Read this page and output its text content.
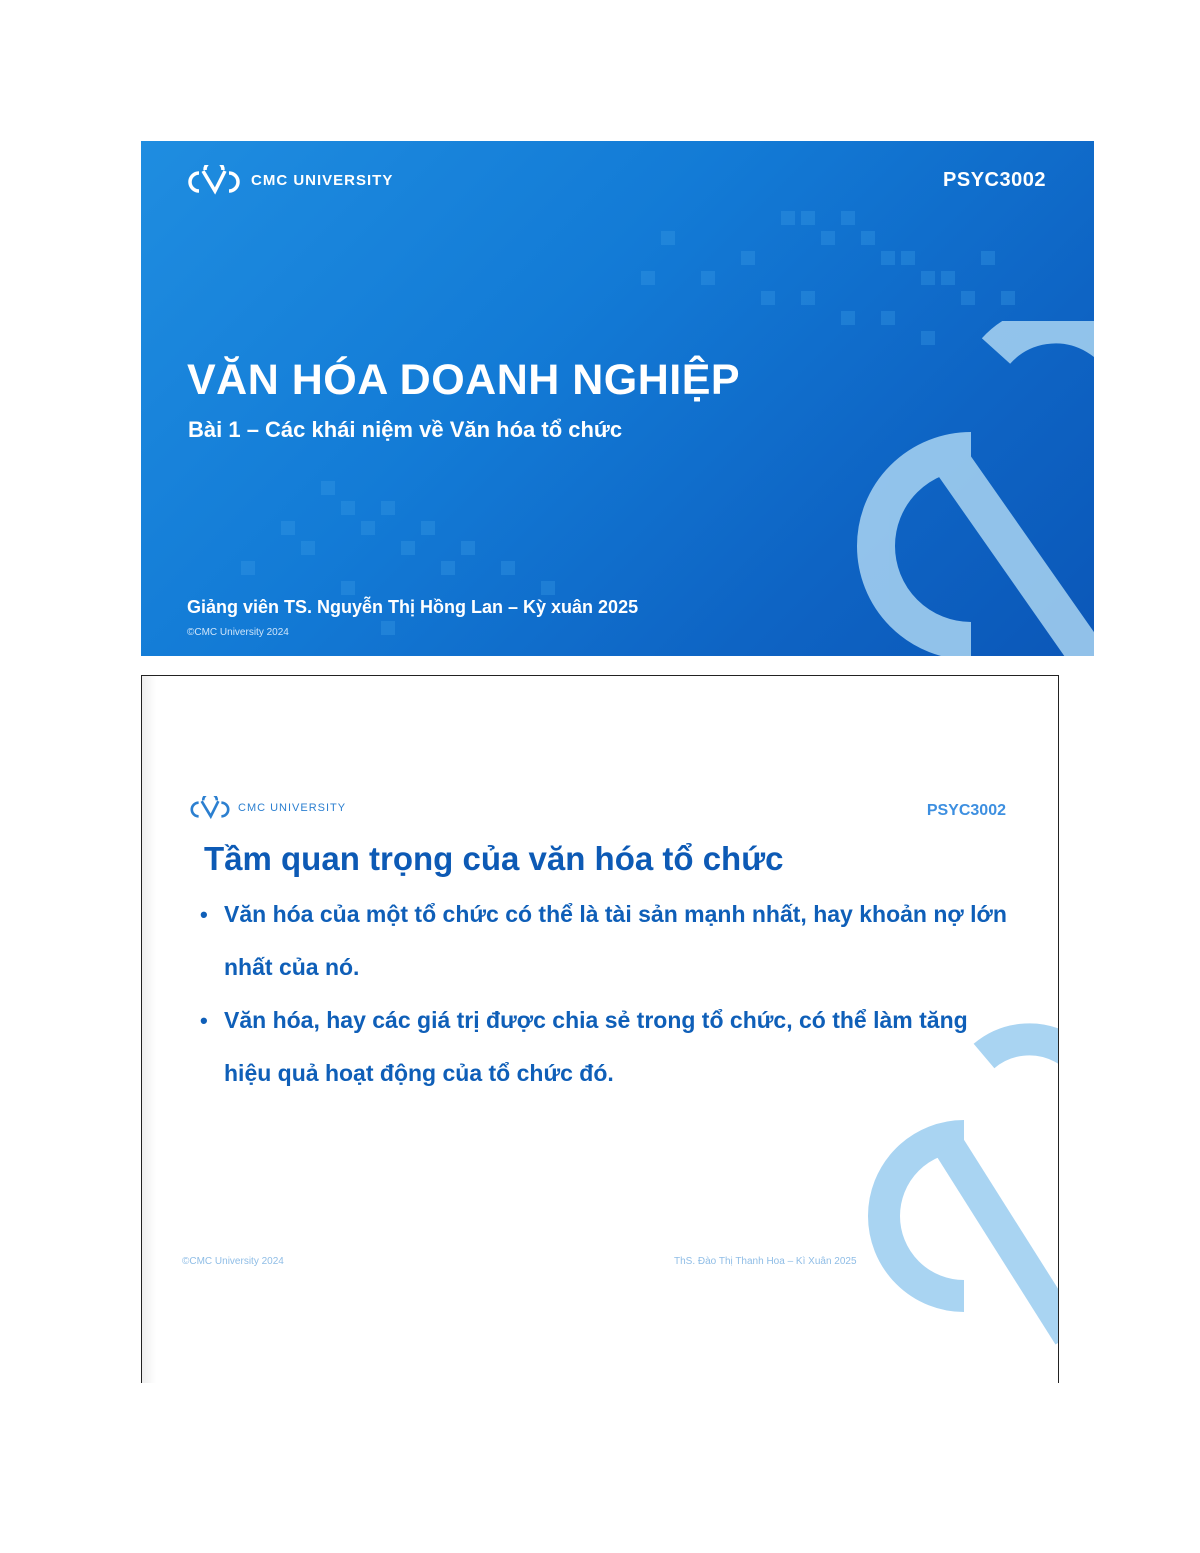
CMC UNIVERSITY	PSYC3002
VĂN HÓA DOANH NGHIỆP
Bài 1 – Các khái niệm về Văn hóa tổ chức
Giảng viên TS. Nguyễn Thị Hồng Lan – Kỳ xuân 2025
©CMC University 2024
CMC UNIVERSITY	PSYC3002
Tầm quan trọng của văn hóa tổ chức
• Văn hóa của một tổ chức có thể là tài sản mạnh nhất, hay khoản nợ lớn nhất của nó.
• Văn hóa, hay các giá trị được chia sẻ trong tổ chức, có thể làm tăng hiệu quả hoạt động của tổ chức đó.
©CMC University 2024	ThS. Đào Thị Thanh Hoa – Kì Xuân 2025
